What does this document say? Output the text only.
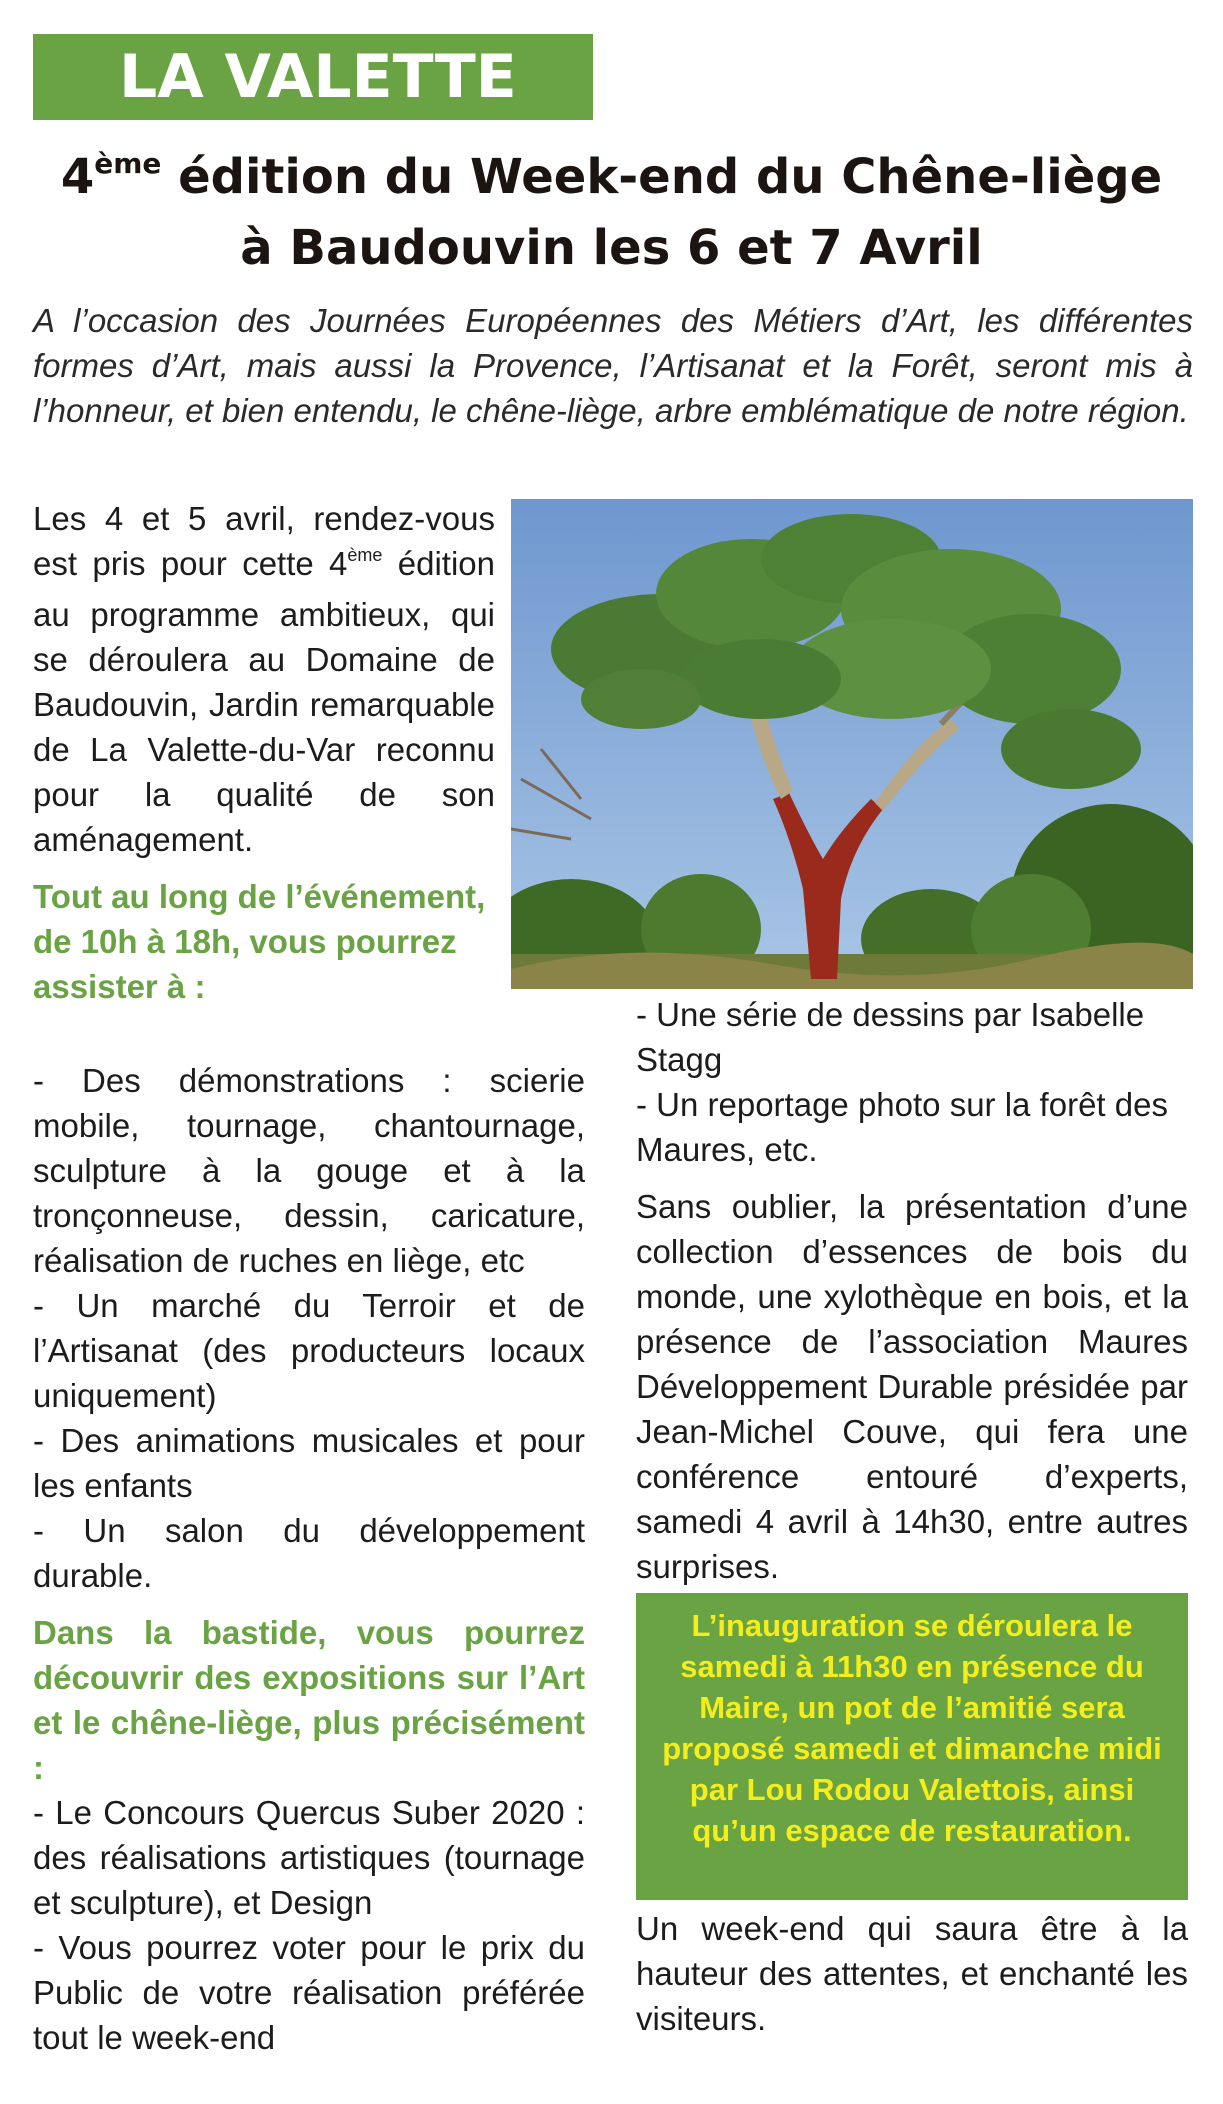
LA VALETTE
4ème édition du Week-end du Chêne-liège
à Baudouvin les 6 et 7 Avril
A l’occasion des Journées Européennes des Métiers d’Art, les différentes formes d’Art, mais aussi la Provence, l’Artisanat et la Forêt, seront mis à l’honneur, et bien entendu, le chêne-liège, arbre emblématique de notre région.

Les 4 et 5 avril, rendez-vous est pris pour cette 4ème édition au programme ambitieux, qui se déroulera au Domaine de Baudouvin, Jardin remarquable de La Valette-du-Var reconnu pour la qualité de son aménagement.

Tout au long de l’événement, de 10h à 18h, vous pourrez assister à :

- Des démonstrations : scierie mobile, tournage, chantournage, sculpture à la gouge et à la tronçonneuse, dessin, caricature, réalisation de ruches en liège, etc

- Un marché du Terroir et de l’Artisanat (des producteurs locaux uniquement)

- Des animations musicales et pour les enfants

- Un salon du développement durable.

Dans la bastide, vous pourrez découvrir des expositions sur l’Art et le chêne-liège, plus précisément :

- Le Concours Quercus Suber 2020 : des réalisations artistiques (tournage et sculpture), et Design

- Vous pourrez voter pour le prix du Public de votre réalisation préférée tout le week-end

- Une série de dessins par Isabelle Stagg

- Un reportage photo sur la forêt des Maures, etc.

Sans oublier, la présentation d’une collection d’essences de bois du monde, une xylothèque en bois, et la présence de l’association Maures Développement Durable présidée par Jean-Michel Couve, qui fera une conférence entouré d’experts, samedi 4 avril à 14h30, entre autres surprises.

L’inauguration se déroulera le samedi à 11h30 en présence du Maire, un pot de l’amitié sera proposé samedi et dimanche midi par Lou Rodou Valettois, ainsi qu’un espace de restauration.
Un week-end qui saura être à la hauteur des attentes, et enchanté les visiteurs.
